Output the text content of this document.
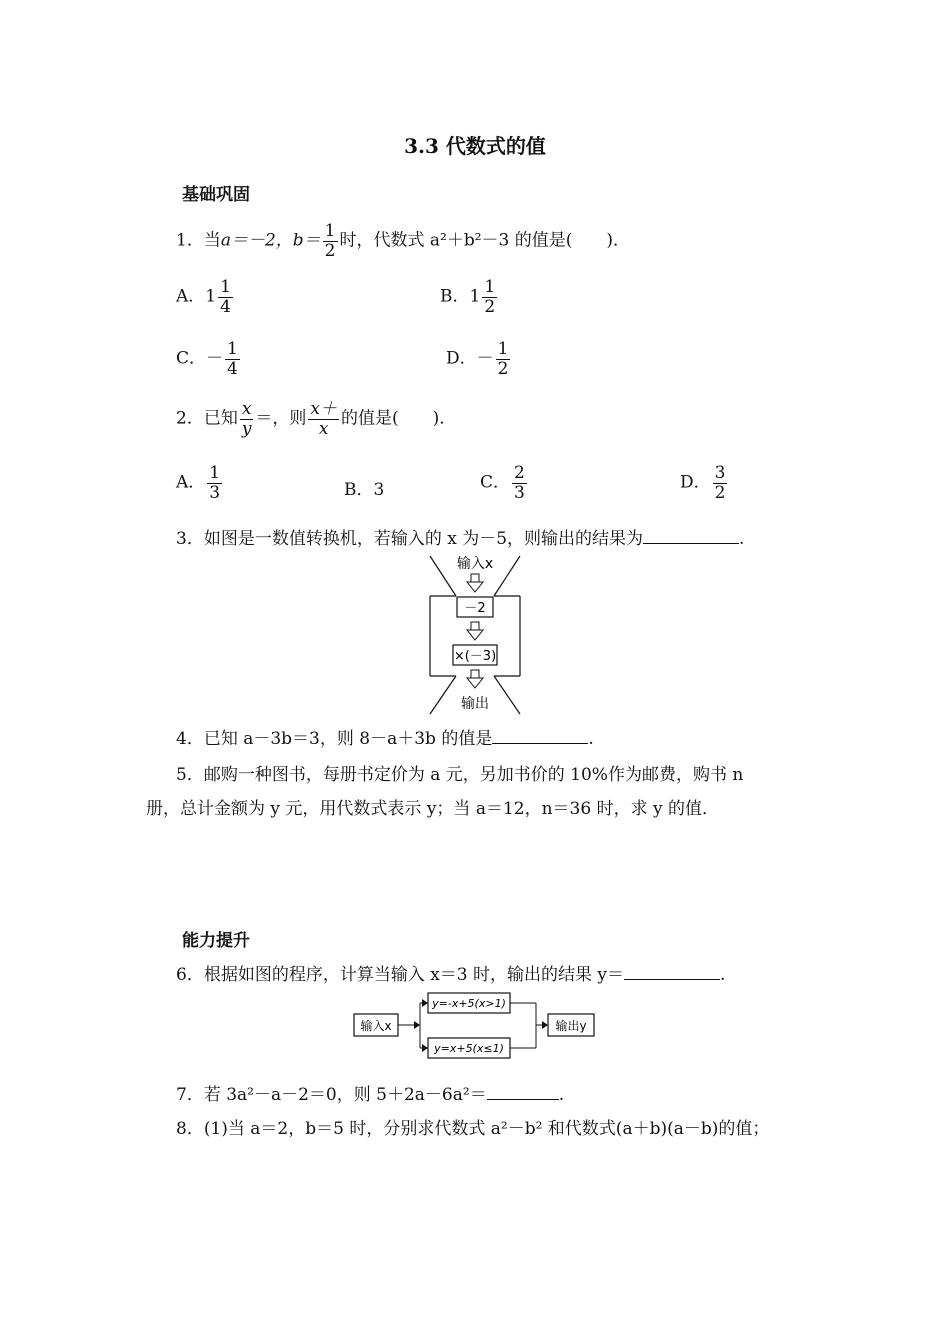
3.3 代数式的值
基础巩固
1．当a＝－2，$b= \frac{1}{2}$ 时，代数式 a²＋b²－3 的值是(　　)．
A．$1 \frac{1}{4}$	B．$1 \frac{1}{2}$
C．－ $\frac{1}{4}$	D．－ $\frac{1}{2}$
2．已知 $\frac{x}{y}$ ＝，则 $\frac{x+}{x}$ 的值是(　　)．
A． $\frac{1}{3}$	B．3	C． $\frac{2}{3}$	D． $\frac{3}{2}$
3．如图是一数值转换机，若输入的 x 为－5，则输出的结果为	.
输入x
－2
×(－3)
输出
4．已知 a－3b＝3，则 8－a＋3b 的值是	.
5．邮购一种图书，每册书定价为 a 元，另加书价的 10%作为邮费，购书 n
册，总计金额为 y 元，用代数式表示 y；当 a＝12，n＝36 时，求 y 的值．
能力提升
6．根据如图的程序，计算当输入 x＝3 时，输出的结果 y＝	.
输入x
y=-x+5(x>1)
y=x+5(x≤1)
输出y
7．若 3a²－a－2＝0，则 5＋2a－6a²＝	.
8．(1)当 a＝2，b＝5 时，分别求代数式 a²－b² 和代数式(a＋b)(a－b)的值；
